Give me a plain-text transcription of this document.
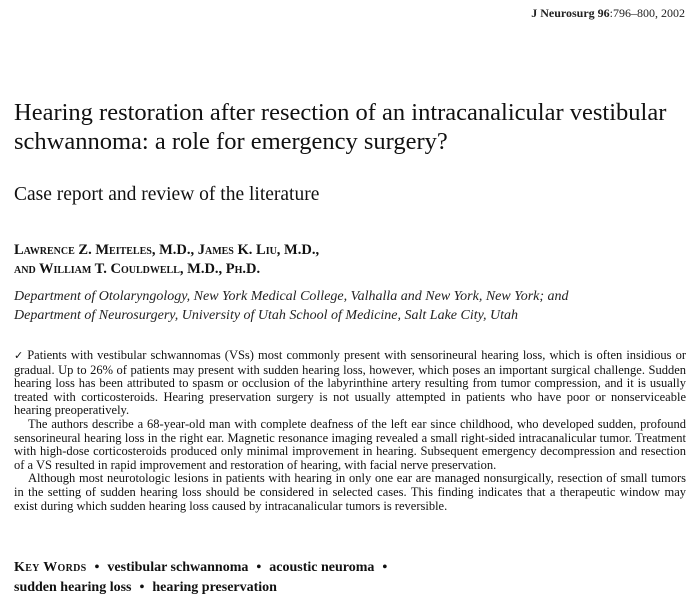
J Neurosurg 96:796–800, 2002
Hearing restoration after resection of an intracanalicular vestibular schwannoma: a role for emergency surgery?
Case report and review of the literature
Lawrence Z. Meiteles, M.D., James K. Liu, M.D.,
and William T. Couldwell, M.D., Ph.D.
Department of Otolaryngology, New York Medical College, Valhalla and New York, New York; and
Department of Neurosurgery, University of Utah School of Medicine, Salt Lake City, Utah

✓ Patients with vestibular schwannomas (VSs) most commonly present with sensorineural hearing loss, which is often insidious or gradual. Up to 26% of patients may present with sudden hearing loss, however, which poses an important surgical challenge. Sudden hearing loss has been attributed to spasm or occlusion of the labyrinthine artery resulting from tumor compression, and it is usually treated with corticosteroids. Hearing preservation surgery is not usually attempted in patients who have poor or nonserviceable hearing preoperatively.

The authors describe a 68-year-old man with complete deafness of the left ear since childhood, who developed sudden, profound sensorineural hearing loss in the right ear. Magnetic resonance imaging revealed a small right-sided intracanalicular tumor. Treatment with high-dose corticosteroids produced only minimal improvement in hearing. Subsequent emergency decompression and resection of a VS resulted in rapid improvement and restoration of hearing, with facial nerve preservation.

Although most neurotologic lesions in patients with hearing in only one ear are managed nonsurgically, resection of small tumors in the setting of sudden hearing loss should be considered in selected cases. This finding indicates that a therapeutic window may exist during which sudden hearing loss caused by intracanalicular tumors is reversible.

Key Words • vestibular schwannoma • acoustic neuroma •
sudden hearing loss • hearing preservation
